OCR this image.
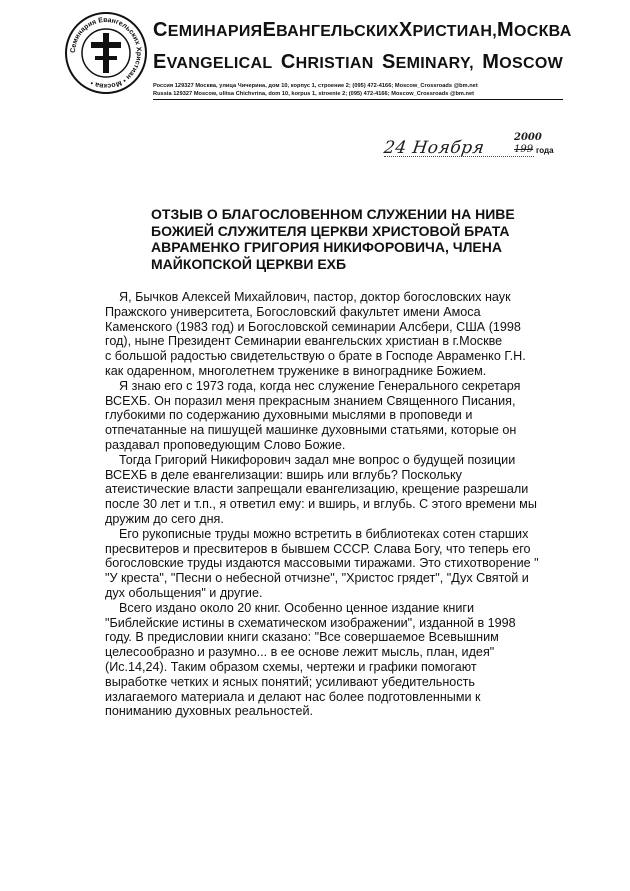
Семинария Евангельских Христиан • Москва •
СЕМИНАРИЯ ЕВАНГЕЛЬСКИХ ХРИСТИАН, МОСКВА
EVANGELICAL CHRISTIAN SEMINARY, MOSCOW
Россия 129327 Москва, улица Чичерина, дом 10, корпус 1, строение 2; (095) 472-4166; Moscow_Crossroads @bm.net
Russia 129327 Moscow, ulitsa Chichvrina, dom 10, korpus 1, stroenie 2; (095) 472-4166; Moscow_Crossroads @bm.net
24 Ноября
2000
199 года
ОТЗЫВ О БЛАГОСЛОВЕННОМ СЛУЖЕНИИ НА НИВЕ
БОЖИЕЙ СЛУЖИТЕЛЯ ЦЕРКВИ ХРИСТОВОЙ БРАТА
АВРАМЕНКО ГРИГОРИЯ НИКИФОРОВИЧА, ЧЛЕНА
МАЙКОПСКОЙ ЦЕРКВИ ЕХБ
Я, Бычков Алексей Михайлович, пастор, доктор богословских наук
Пражского университета, Богословский факультет имени Амоса
Каменского (1983 год) и Богословской семинарии Алсбери, США (1998
год), ныне Президент Семинарии евангельских христиан в г.Москве
с большой радостью свидетельствую о брате в Господе Авраменко Г.Н.
как одаренном, многолетнем труженике в винограднике Божием.
Я знаю его с 1973 года, когда нес служение Генерального секретаря
ВСЕХБ. Он поразил меня прекрасным знанием Священного Писания,
глубокими по содержанию духовными мыслями в проповеди и
отпечатанные на пишущей машинке духовными статьями, которые он
раздавал проповедующим Слово Божие.
Тогда Григорий Никифорович задал мне вопрос о будущей позиции
ВСЕХБ в деле евангелизации: вширь или вглубь? Поскольку
атеистические власти запрещали евангелизацию, крещение разрешали
после 30 лет и т.п., я ответил ему: и вширь, и вглубь. С этого времени мы
дружим до сего дня.
Его рукописные труды можно встретить в библиотеках сотен старших
пресвитеров и пресвитеров в бывшем СССР. Слава Богу, что теперь его
богословские труды издаются массовыми тиражами. Это стихотворение "
"У креста", "Песни о небесной отчизне", "Христос грядет", "Дух Святой и
дух обольщения" и другие.
Всего издано около 20 книг. Особенно ценное издание книги
"Библейские истины в схематическом изображении", изданной в 1998
году. В предисловии книги сказано: "Все совершаемое Всевышним
целесообразно и разумно... в ее основе лежит мысль, план, идея"
(Ис.14,24). Таким образом схемы, чертежи и графики помогают
выработке четких и ясных понятий; усиливают убедительность
излагаемого материала и делают нас более подготовленными к
пониманию духовных реальностей.
